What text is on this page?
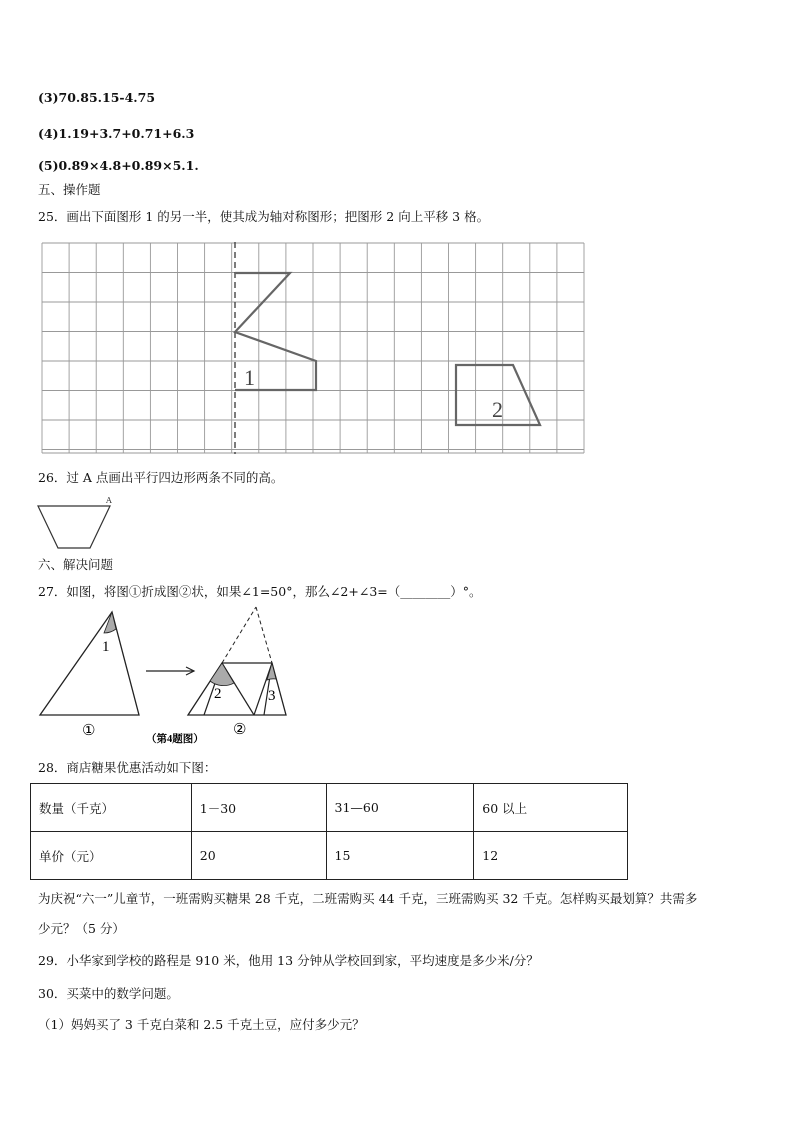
(3)70.85.15-4.75
(4)1.19+3.7+0.71+6.3
(5)0.89×4.8+0.89×5.1.
五、操作题
25．画出下面图形 1 的另一半，使其成为轴对称图形；把图形 2 向上平移 3 格。
1
2
26．过 A 点画出平行四边形两条不同的高。
A
六、解决问题
27．如图，将图①折成图②状，如果∠1=50°，那么∠2+∠3=（________）°。
1
2	3
①
（第4题图）
②
28．商店糖果优惠活动如下图：
数量（千克）	1－30	31—60	60 以上
单价（元）	20	15	12
为庆祝“六一”儿童节，一班需购买糖果 28 千克，二班需购买 44 千克，三班需购买 32 千克。怎样购买最划算？共需多
少元？（5 分）
29．小华家到学校的路程是 910 米，他用 13 分钟从学校回到家，平均速度是多少米/分？
30．买菜中的数学问题。
（1）妈妈买了 3 千克白菜和 2.5 千克土豆，应付多少元？
